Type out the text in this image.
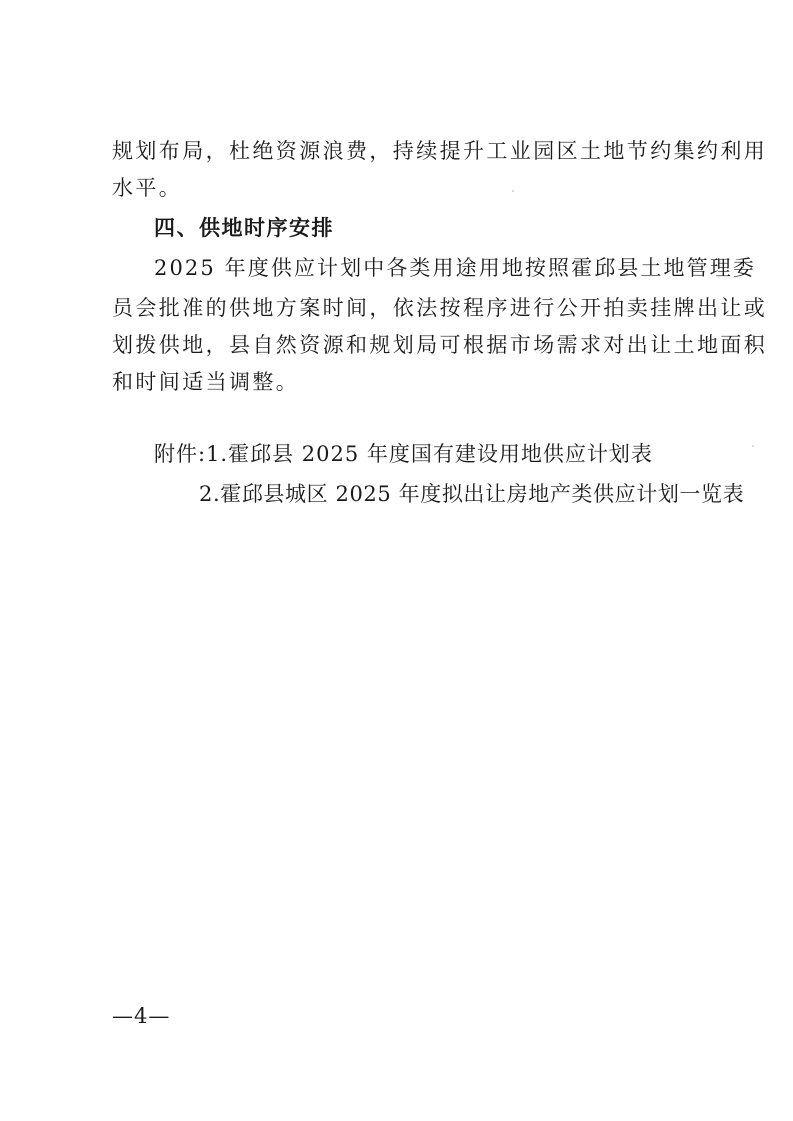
规划布局，杜绝资源浪费，持续提升工业园区土地节约集约利用
水平。
四、供地时序安排
2025 年度供应计划中各类用途用地按照霍邱县土地管理委
员会批准的供地方案时间，依法按程序进行公开拍卖挂牌出让或
划拨供地，县自然资源和规划局可根据市场需求对出让土地面积
和时间适当调整。
附件:1.霍邱县 2025 年度国有建设用地供应计划表
2.霍邱县城区 2025 年度拟出让房地产类供应计划一览表
—4—
